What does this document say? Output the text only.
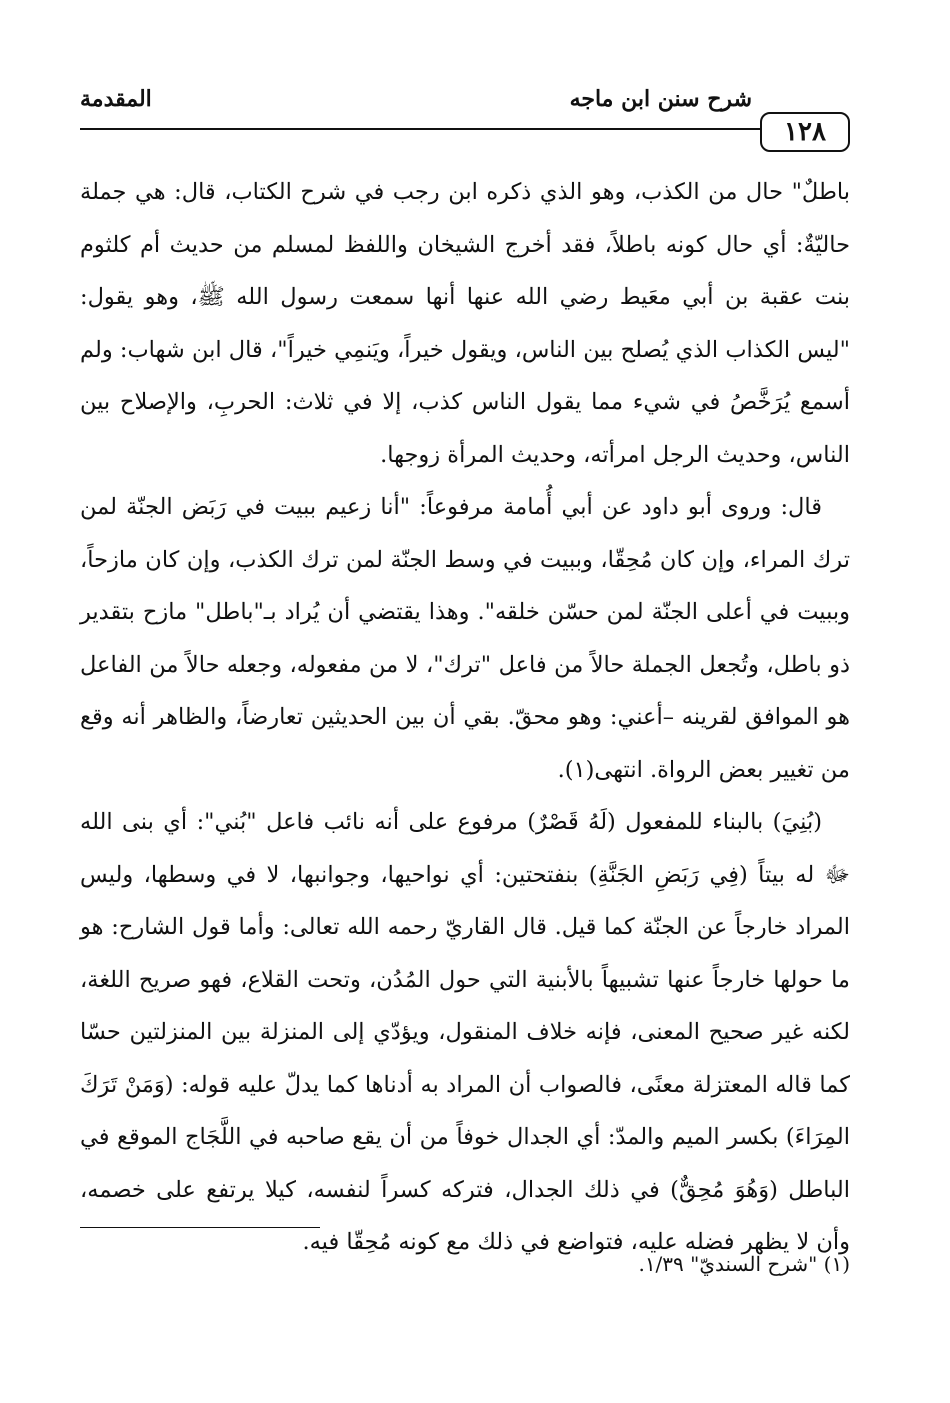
١٢٨
شرح سنن ابن ماجه
المقدمة

باطلٌ" حال من الكذب، وهو الذي ذكره ابن رجب في شرح الكتاب، قال: هي جملة حاليّةٌ: أي حال كونه باطلاً، فقد أخرج الشيخان واللفظ لمسلم من حديث أم كلثوم بنت عقبة بن أبي معَيط رضي الله عنها أنها سمعت رسول الله ﷺ، وهو يقول: "ليس الكذاب الذي يُصلح بين الناس، ويقول خيراً، ويَنمِي خيراً"، قال ابن شهاب: ولم أسمع يُرَخَّصُ في شيء مما يقول الناس كذب، إلا في ثلاث: الحربِ، والإصلاح بين الناس، وحديث الرجل امرأته، وحديث المرأة زوجها.

قال: وروى أبو داود عن أبي أُمامة مرفوعاً: "أنا زعيم ببيت في رَبَض الجنّة لمن ترك المراء، وإن كان مُحِقّا، وببيت في وسط الجنّة لمن ترك الكذب، وإن كان مازحاً، وببيت في أعلى الجنّة لمن حسّن خلقه". وهذا يقتضي أن يُراد بـ"باطل" مازح بتقدير ذو باطل، وتُجعل الجملة حالاً من فاعل "ترك"، لا من مفعوله، وجعله حالاً من الفاعل هو الموافق لقرينه –أعني: وهو محقّ. بقي أن بين الحديثين تعارضاً، والظاهر أنه وقع من تغيير بعض الرواة. انتهى(١).

(بُنِيَ) بالبناء للمفعول (لَهُ قَصْرٌ) مرفوع على أنه نائب فاعل "بُني": أي بنى الله ﷻ له بيتاً (فِي رَبَضِ الجَنَّةِ) بنفتحتين: أي نواحيها، وجوانبها، لا في وسطها، وليس المراد خارجاً عن الجنّة كما قيل. قال القاريّ رحمه الله تعالى: وأما قول الشارح: هو ما حولها خارجاً عنها تشبيهاً بالأبنية التي حول المُدُن، وتحت القلاع، فهو صريح اللغة، لكنه غير صحيح المعنى، فإنه خلاف المنقول، ويؤدّي إلى المنزلة بين المنزلتين حسّا كما قاله المعتزلة معنًى، فالصواب أن المراد به أدناها كما يدلّ عليه قوله: (وَمَنْ تَرَكَ المِرَاءَ) بكسر الميم والمدّ: أي الجدال خوفاً من أن يقع صاحبه في اللَّجَاج الموقع في الباطل (وَهُوَ مُحِقٌّ) في ذلك الجدال، فتركه كسراً لنفسه، كيلا يرتفع على خصمه، وأن لا يظهر فضله عليه، فتواضع في ذلك مع كونه مُحِقّا فيه.

(١) "شرح السنديّ" ١/٣٩.
